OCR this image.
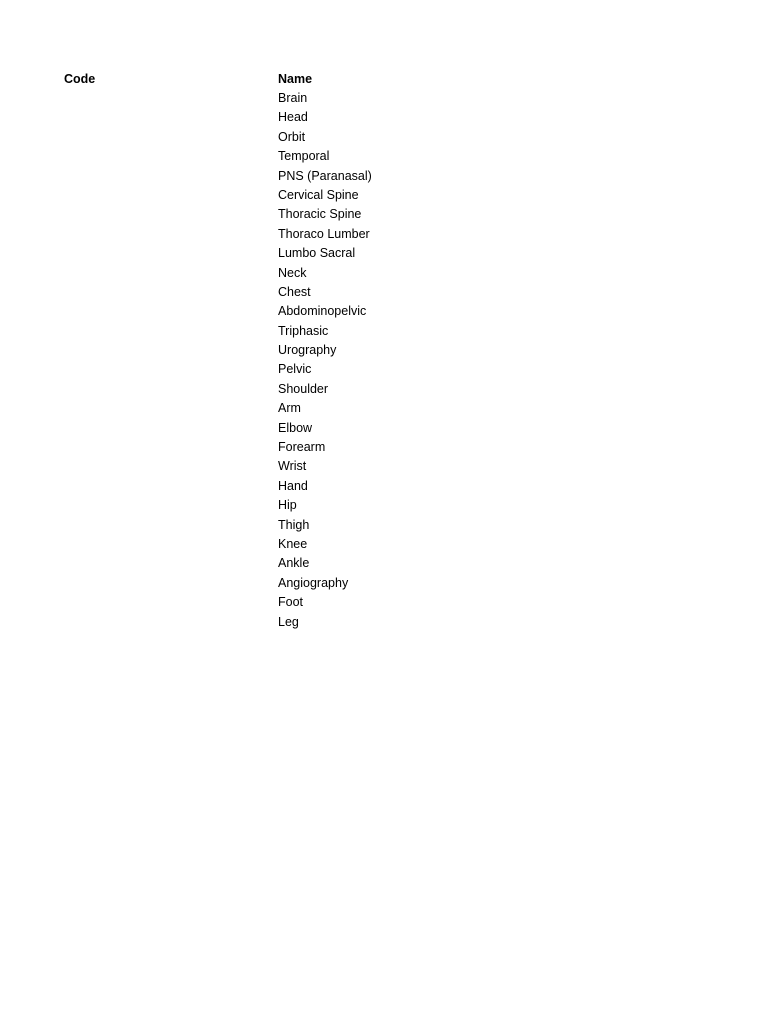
Code	Name
Brain
Head
Orbit
Temporal
PNS (Paranasal)
Cervical Spine
Thoracic Spine
Thoraco Lumber
Lumbo Sacral
Neck
Chest
Abdominopelvic
Triphasic
Urography
Pelvic
Shoulder
Arm
Elbow
Forearm
Wrist
Hand
Hip
Thigh
Knee
Ankle
Angiography
Foot
Leg
